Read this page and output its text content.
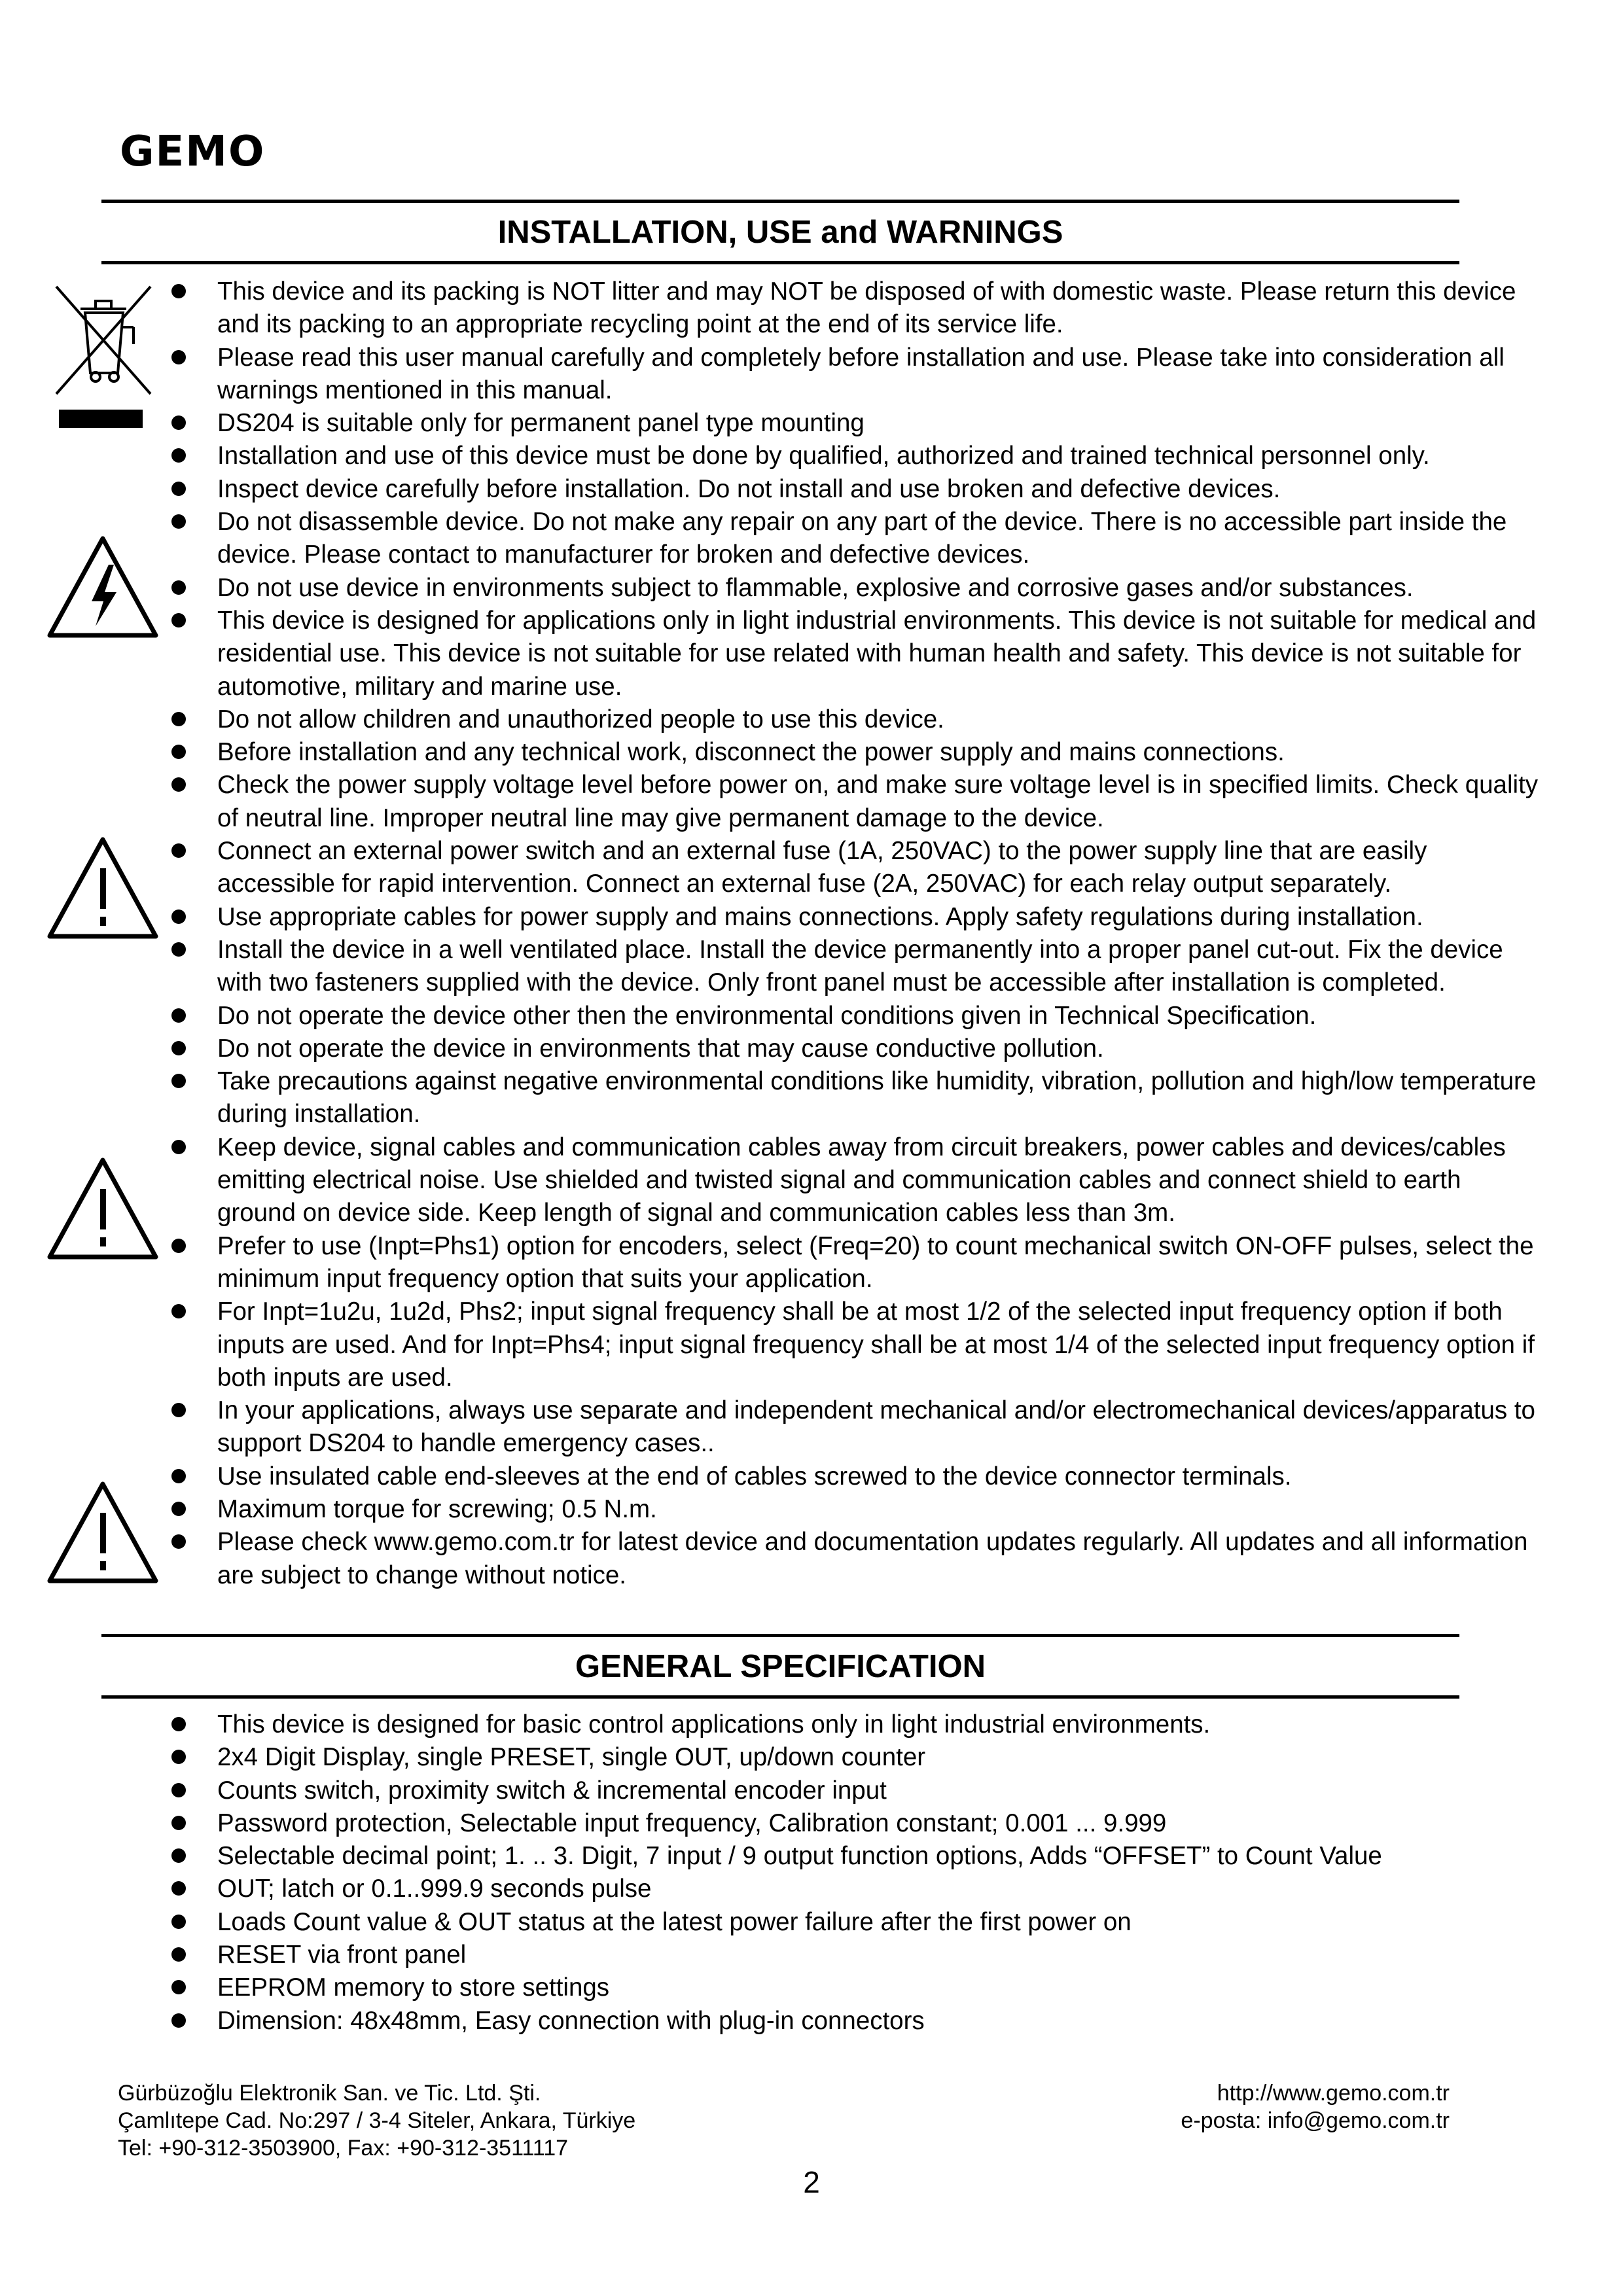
GEMO
INSTALLATION, USE and WARNINGS
This device and its packing is NOT litter and may NOT be disposed of with domestic waste. Please return this device and its packing to an appropriate recycling point at the end of its service life.
Please read this user manual carefully and completely before installation and use. Please take into consideration all warnings mentioned in this manual.
DS204 is suitable only for permanent panel type mounting
Installation and use of this device must be done by qualified, authorized and trained technical personnel only.
Inspect device carefully before installation. Do not install and use broken and defective devices.
Do not disassemble device. Do not make any repair on any part of the device. There is no accessible part inside the device. Please contact to manufacturer for broken and defective devices.
Do not use device in environments subject to flammable, explosive and corrosive gases and/or substances.
This device is designed for applications only in light industrial environments. This device is not suitable for medical and residential use. This device is not suitable for use related with human health and safety. This device is not suitable for automotive, military and marine use.
Do not allow children and unauthorized people to use this device.
Before installation and any technical work, disconnect the power supply and mains connections.
Check the power supply voltage level before power on, and make sure voltage level is in specified limits. Check quality of neutral line. Improper neutral line may give permanent damage to the device.
Connect an external power switch and an external fuse (1A, 250VAC) to the power supply line that are easily accessible for rapid intervention. Connect an external fuse (2A, 250VAC) for each relay output separately.
Use appropriate cables for power supply and mains connections. Apply safety regulations during installation.
Install the device in a well ventilated place. Install the device permanently into a proper panel cut-out. Fix the device with two fasteners supplied with the device. Only front panel must be accessible after installation is completed.
Do not operate the device other then the environmental conditions given in Technical Specification.
Do not operate the device in environments that may cause conductive pollution.
Take precautions against negative environmental conditions like humidity, vibration, pollution and high/low temperature during installation.
Keep device, signal cables and communication cables away from circuit breakers, power cables and devices/cables emitting electrical noise. Use shielded and twisted signal and communication cables and connect shield to earth ground on device side. Keep length of signal and communication cables less than 3m.
Prefer to use (Inpt=Phs1) option for encoders, select (Freq=20) to count mechanical switch ON-OFF pulses, select the minimum input frequency option that suits your application.
For Inpt=1u2u, 1u2d, Phs2; input signal frequency shall be at most 1/2 of the selected input frequency option if both inputs are used. And for Inpt=Phs4; input signal frequency shall be at most 1/4 of the selected input frequency option if both inputs are used.
In your applications, always use separate and independent mechanical and/or electromechanical devices/apparatus to support DS204 to handle emergency cases..
Use insulated cable end-sleeves at the end of cables screwed to the device connector terminals.
Maximum torque for screwing; 0.5 N.m.
Please check www.gemo.com.tr for latest device and documentation updates regularly. All updates and all information are subject to change without notice.
GENERAL SPECIFICATION
This device is designed for basic control applications only in light industrial environments.
2x4 Digit Display, single PRESET, single OUT, up/down counter
Counts switch, proximity switch & incremental encoder input
Password protection, Selectable input frequency, Calibration constant; 0.001 ... 9.999
Selectable decimal point; 1. .. 3. Digit, 7 input / 9 output function options, Adds “OFFSET” to Count Value
OUT; latch or 0.1..999.9 seconds pulse
Loads Count value & OUT status at the latest power failure after the first power on
RESET via front panel
EEPROM memory to store settings
Dimension: 48x48mm, Easy connection with plug-in connectors
Gürbüzoğlu Elektronik San. ve Tic. Ltd. Şti.
Çamlıtepe Cad. No:297 / 3-4 Siteler, Ankara, Türkiye
Tel: +90-312-3503900, Fax: +90-312-3511117
http://www.gemo.com.tr
e-posta: info@gemo.com.tr
2
